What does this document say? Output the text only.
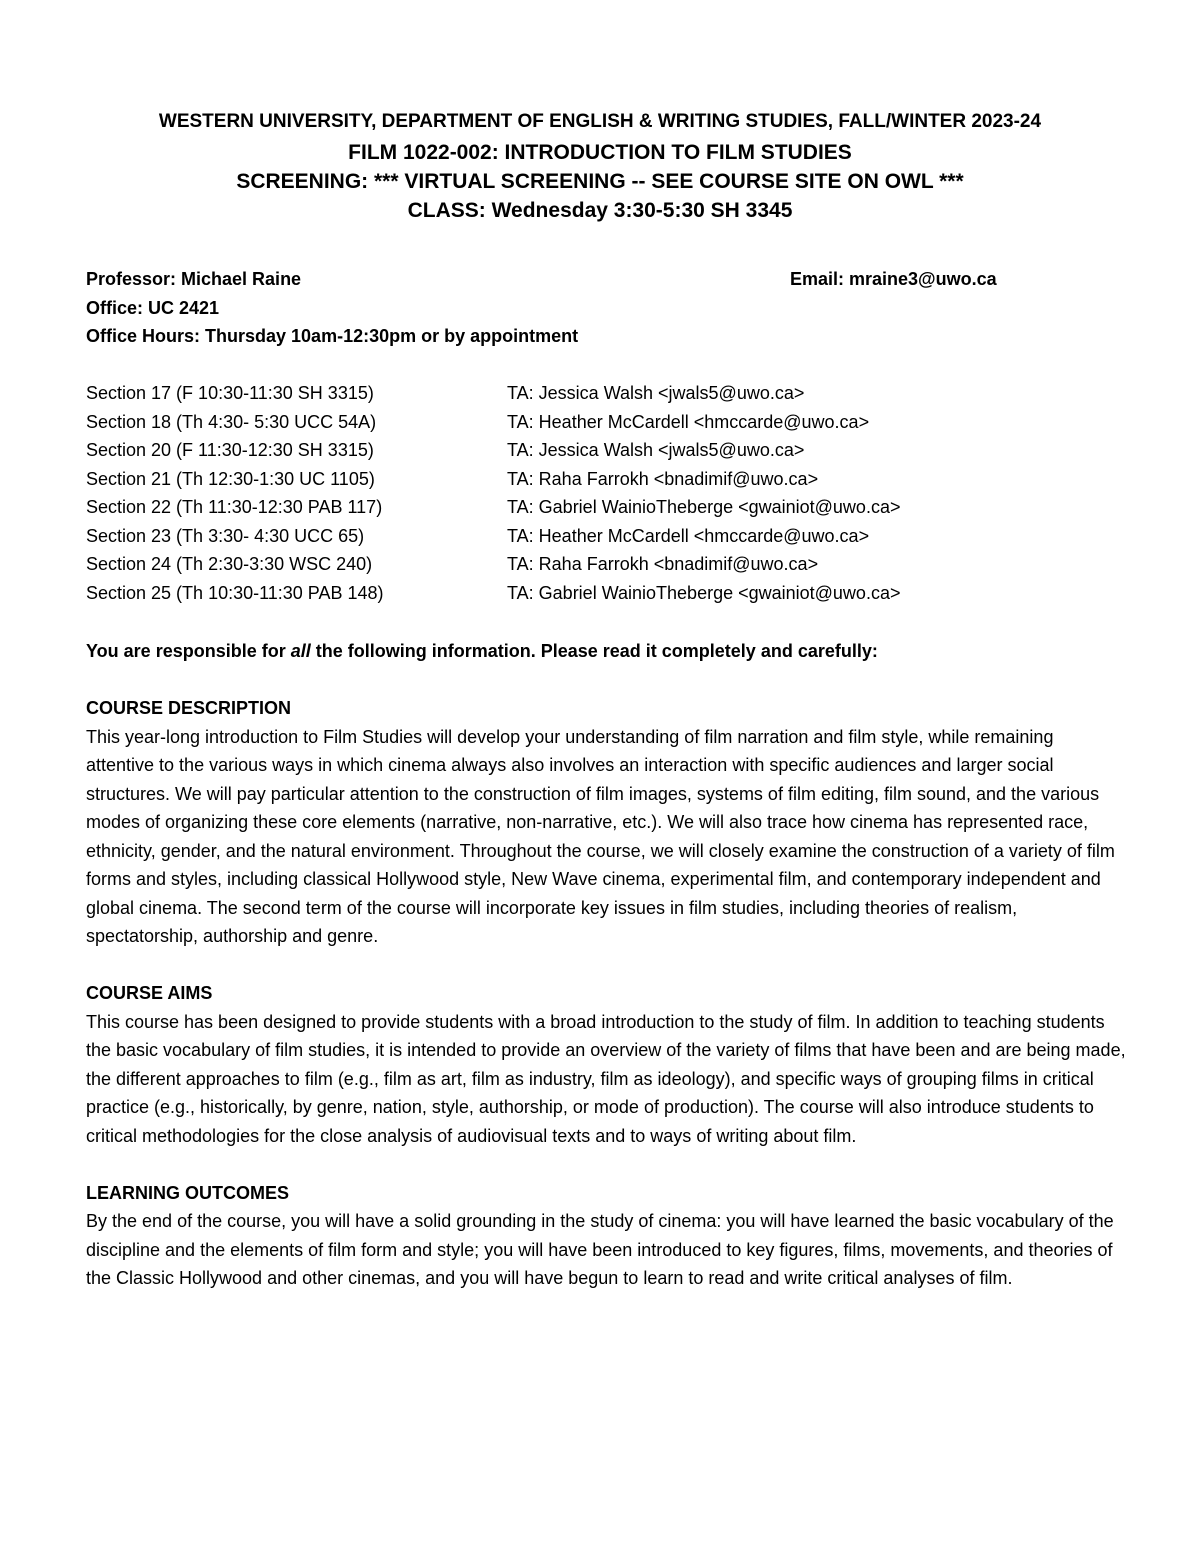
WESTERN UNIVERSITY, DEPARTMENT OF ENGLISH & WRITING STUDIES, FALL/WINTER 2023-24
FILM 1022-002: INTRODUCTION TO FILM STUDIES
SCREENING: *** VIRTUAL SCREENING -- SEE COURSE SITE ON OWL ***
CLASS: Wednesday 3:30-5:30 SH 3345
Professor: Michael Raine	Email: mraine3@uwo.ca
Office: UC 2421
Office Hours: Thursday 10am-12:30pm or by appointment
Section 17 (F 10:30-11:30 SH 3315)	TA: Jessica Walsh <jwals5@uwo.ca>
Section 18 (Th 4:30- 5:30 UCC 54A)	TA: Heather McCardell <hmccarde@uwo.ca>
Section 20 (F 11:30-12:30 SH 3315)	TA: Jessica Walsh <jwals5@uwo.ca>
Section 21 (Th 12:30-1:30 UC 1105)	TA: Raha Farrokh <bnadimif@uwo.ca>
Section 22 (Th 11:30-12:30 PAB 117)	TA: Gabriel WainioTheberge <gwainiot@uwo.ca>
Section 23 (Th 3:30- 4:30 UCC 65)	TA: Heather McCardell <hmccarde@uwo.ca>
Section 24 (Th 2:30-3:30 WSC 240)	TA: Raha Farrokh <bnadimif@uwo.ca>
Section 25 (Th 10:30-11:30 PAB 148)	TA: Gabriel WainioTheberge <gwainiot@uwo.ca>

You are responsible for all the following information. Please read it completely and carefully:

COURSE DESCRIPTION

This year-long introduction to Film Studies will develop your understanding of film narration and film style, while remaining attentive to the various ways in which cinema always also involves an interaction with specific audiences and larger social structures. We will pay particular attention to the construction of film images, systems of film editing, film sound, and the various modes of organizing these core elements (narrative, non-narrative, etc.). We will also trace how cinema has represented race, ethnicity, gender, and the natural environment. Throughout the course, we will closely examine the construction of a variety of film forms and styles, including classical Hollywood style, New Wave cinema, experimental film, and contemporary independent and global cinema. The second term of the course will incorporate key issues in film studies, including theories of realism, spectatorship, authorship and genre.

COURSE AIMS

This course has been designed to provide students with a broad introduction to the study of film. In addition to teaching students the basic vocabulary of film studies, it is intended to provide an overview of the variety of films that have been and are being made, the different approaches to film (e.g., film as art, film as industry, film as ideology), and specific ways of grouping films in critical practice (e.g., historically, by genre, nation, style, authorship, or mode of production). The course will also introduce students to critical methodologies for the close analysis of audiovisual texts and to ways of writing about film.

LEARNING OUTCOMES

By the end of the course, you will have a solid grounding in the study of cinema: you will have learned the basic vocabulary of the discipline and the elements of film form and style; you will have been introduced to key figures, films, movements, and theories of the Classic Hollywood and other cinemas, and you will have begun to learn to read and write critical analyses of film.
